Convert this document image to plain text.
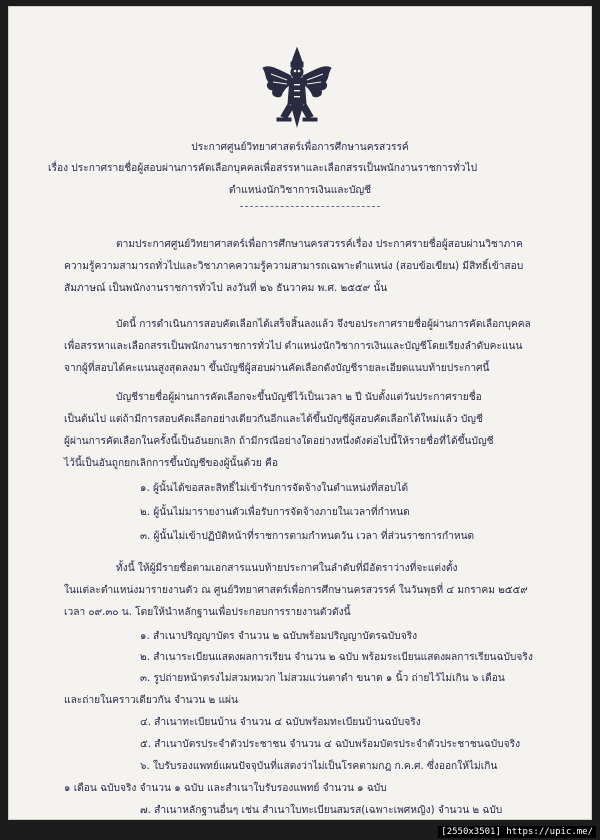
ประกาศศูนย์วิทยาศาสตร์เพื่อการศึกษานครสวรรค์
เรื่อง ประกาศรายชื่อผู้สอบผ่านการคัดเลือกบุคคลเพื่อสรรหาและเลือกสรรเป็นพนักงานราชการทั่วไป
ตำแหน่งนักวิชาการเงินและบัญชี
ตามประกาศศูนย์วิทยาศาสตร์เพื่อการศึกษานครสวรรค์เรื่อง ประกาศรายชื่อผู้สอบผ่านวิชาภาค
ความรู้ความสามารถทั่วไปและวิชาภาคความรู้ความสามารถเฉพาะตำแหน่ง (สอบข้อเขียน) มีสิทธิ์เข้าสอบ
สัมภาษณ์ เป็นพนักงานราชการทั่วไป ลงวันที่ ๒๖ ธันวาคม พ.ศ. ๒๕๕๙ นั้น
บัดนี้ การดำเนินการสอบคัดเลือกได้เสร็จสิ้นลงแล้ว จึงขอประกาศรายชื่อผู้ผ่านการคัดเลือกบุคคล
เพื่อสรรหาและเลือกสรรเป็นพนักงานราชการทั่วไป ตำแหน่งนักวิชาการเงินและบัญชีโดยเรียงลำดับคะแนน
จากผู้ที่สอบได้คะแนนสูงสุดลงมา ขึ้นบัญชีผู้สอบผ่านคัดเลือกดังบัญชีรายละเอียดแนบท้ายประกาศนี้
บัญชีรายชื่อผู้ผ่านการคัดเลือกจะขึ้นบัญชีไว้เป็นเวลา ๒ ปี นับตั้งแต่วันประกาศรายชื่อ
เป็นต้นไป แต่ถ้ามีการสอบคัดเลือกอย่างเดียวกันอีกและได้ขึ้นบัญชีผู้สอบคัดเลือกได้ใหม่แล้ว บัญชี
ผู้ผ่านการคัดเลือกในครั้งนี้เป็นอันยกเลิก ถ้ามีกรณีอย่างใดอย่างหนึ่งดังต่อไปนี้ให้รายชื่อที่ได้ขึ้นบัญชี
ไว้นี้เป็นอันถูกยกเลิกการขึ้นบัญชีของผู้นั้นด้วย คือ
๑. ผู้นั้นได้ขอสละสิทธิ์ไม่เข้ารับการจัดจ้างในตำแหน่งที่สอบได้
๒. ผู้นั้นไม่มารายงานตัวเพื่อรับการจัดจ้างภายในเวลาที่กำหนด
๓. ผู้นั้นไม่เข้าปฏิบัติหน้าที่ราชการตามกำหนดวัน เวลา ที่ส่วนราชการกำหนด
ทั้งนี้ ให้ผู้มีรายชื่อตามเอกสารแนบท้ายประกาศในลำดับที่มีอัตราว่างที่จะแต่งตั้ง
ในแต่ละตำแหน่งมารายงานตัว ณ ศูนย์วิทยาศาสตร์เพื่อการศึกษานครสวรรค์ ในวันพุธที่ ๔ มกราคม ๒๕๕๙
เวลา ๐๙.๓๐ น. โดยให้นำหลักฐานเพื่อประกอบการรายงานตัวดังนี้
๑. สำเนาปริญญาบัตร จำนวน ๒ ฉบับพร้อมปริญญาบัตรฉบับจริง
๒. สำเนาระเบียนแสดงผลการเรียน จำนวน ๒ ฉบับ พร้อมระเบียนแสดงผลการเรียนฉบับจริง
๓. รูปถ่ายหน้าตรงไม่สวมหมวก ไม่สวมแว่นตาดำ ขนาด ๑ นิ้ว ถ่ายไว้ไม่เกิน ๖ เดือน
และถ่ายในคราวเดียวกัน จำนวน ๒ แผ่น
๔. สำเนาทะเบียนบ้าน จำนวน ๔ ฉบับพร้อมทะเบียนบ้านฉบับจริง
๕. สำเนาบัตรประจำตัวประชาชน จำนวน ๔ ฉบับพร้อมบัตรประจำตัวประชาชนฉบับจริง
๖. ใบรับรองแพทย์แผนปัจจุบันที่แสดงว่าไม่เป็นโรคตามกฎ ก.ค.ศ. ซึ่งออกให้ไม่เกิน
๑ เดือน ฉบับจริง จำนวน ๑ ฉบับ และสำเนาใบรับรองแพทย์ จำนวน ๑ ฉบับ
๗. สำเนาหลักฐานอื่นๆ เช่น สำเนาใบทะเบียนสมรส(เฉพาะเพศหญิง) จำนวน ๒ ฉบับ
[2550x3501] https://upic.me/
